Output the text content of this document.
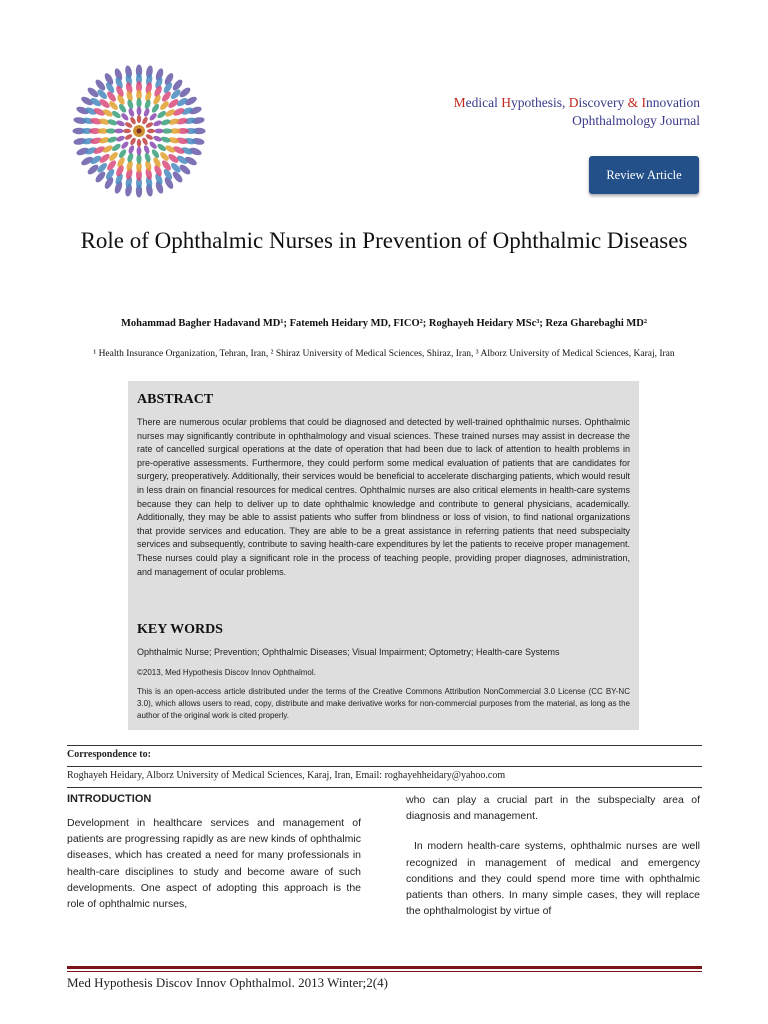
Medical Hypothesis, Discovery & Innovation
Ophthalmology Journal
Review Article
Role of Ophthalmic Nurses in Prevention of Ophthalmic Diseases
Mohammad Bagher Hadavand MD¹; Fatemeh Heidary MD, FICO²; Roghayeh Heidary MSc³; Reza Gharebaghi MD²
¹ Health Insurance Organization, Tehran, Iran, ² Shiraz University of Medical Sciences, Shiraz, Iran, ³ Alborz University of Medical Sciences, Karaj, Iran
ABSTRACT
There are numerous ocular problems that could be diagnosed and detected by well-trained ophthalmic nurses. Ophthalmic nurses may significantly contribute in ophthalmology and visual sciences. These trained nurses may assist in decrease the rate of cancelled surgical operations at the date of operation that had been due to lack of attention to health problems in pre-operative assessments. Furthermore, they could perform some medical evaluation of patients that are candidates for surgery, preoperatively. Additionally, their services would be beneficial to accelerate discharging patients, which would result in less drain on financial resources for medical centres. Ophthalmic nurses are also critical elements in health-care systems because they can help to deliver up to date ophthalmic knowledge and contribute to general physicians, academically. Additionally, they may be able to assist patients who suffer from blindness or loss of vision, to find national organizations that provide services and education. They are able to be a great assistance in referring patients that need subspecialty services and subsequently, contribute to saving health-care expenditures by let the patients to receive proper management. These nurses could play a significant role in the process of teaching people, providing proper diagnoses, administration, and management of ocular problems.
KEY WORDS
Ophthalmic Nurse; Prevention; Ophthalmic Diseases; Visual Impairment; Optometry; Health-care Systems
©2013, Med Hypothesis Discov Innov Ophthalmol.
This is an open-access article distributed under the terms of the Creative Commons Attribution NonCommercial 3.0 License (CC BY-NC 3.0), which allows users to read, copy, distribute and make derivative works for non-commercial purposes from the material, as long as the author of the original work is cited properly.
Correspondence to:
Roghayeh Heidary, Alborz University of Medical Sciences, Karaj, Iran, Email: roghayehheidary@yahoo.com
INTRODUCTION
Development in healthcare services and management of patients are progressing rapidly as are new kinds of ophthalmic diseases, which has created a need for many professionals in health-care disciplines to study and become aware of such developments. One aspect of adopting this approach is the role of ophthalmic nurses,

who can play a crucial part in the subspecialty area of diagnosis and management.

In modern health-care systems, ophthalmic nurses are well recognized in management of medical and emergency conditions and they could spend more time with ophthalmic patients than others. In many simple cases, they will replace the ophthalmologist by virtue of

Med Hypothesis Discov Innov Ophthalmol. 2013 Winter;2(4)
